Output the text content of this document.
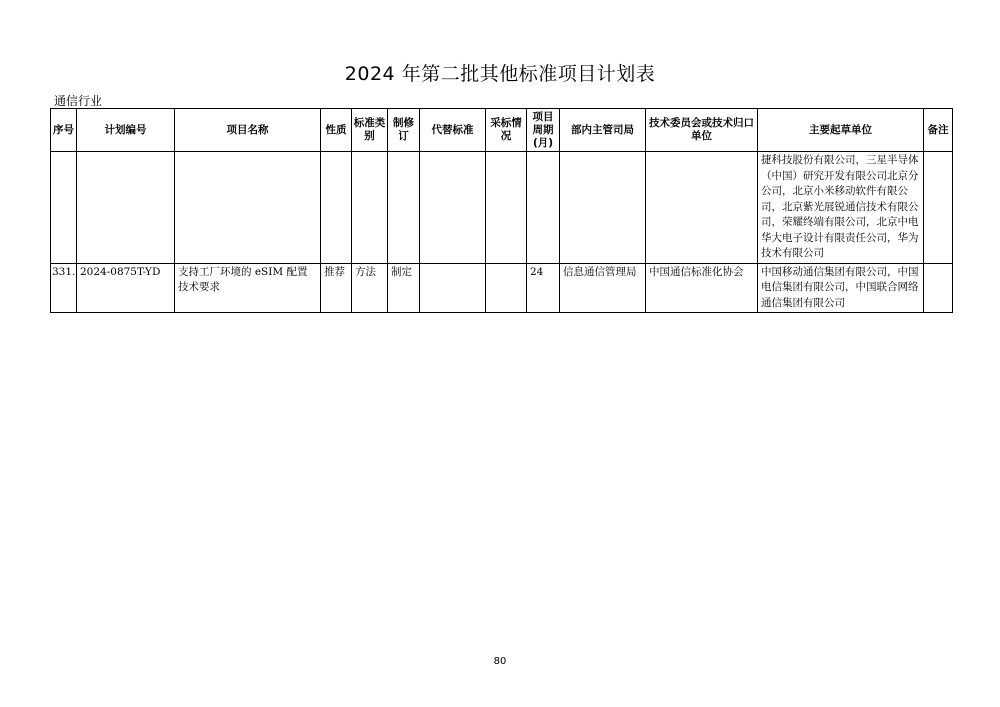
2024 年第二批其他标准项目计划表
通信行业
序号	计划编号	项目名称	性质	标准类别	制修订	代替标准	采标情况	项目周期(月)	部内主管司局	技术委员会或技术归口单位	主要起草单位	备注
											捷科技股份有限公司，三星半导体（中国）研究开发有限公司北京分公司，北京小米移动软件有限公司，北京紫光展锐通信技术有限公司，荣耀终端有限公司，北京中电华大电子设计有限责任公司，华为技术有限公司	
331.	2024-0875T-YD	支持工厂环境的 eSIM 配置技术要求	推荐	方法	制定			24	信息通信管理局	中国通信标准化协会	中国移动通信集团有限公司，中国电信集团有限公司，中国联合网络通信集团有限公司	
80
